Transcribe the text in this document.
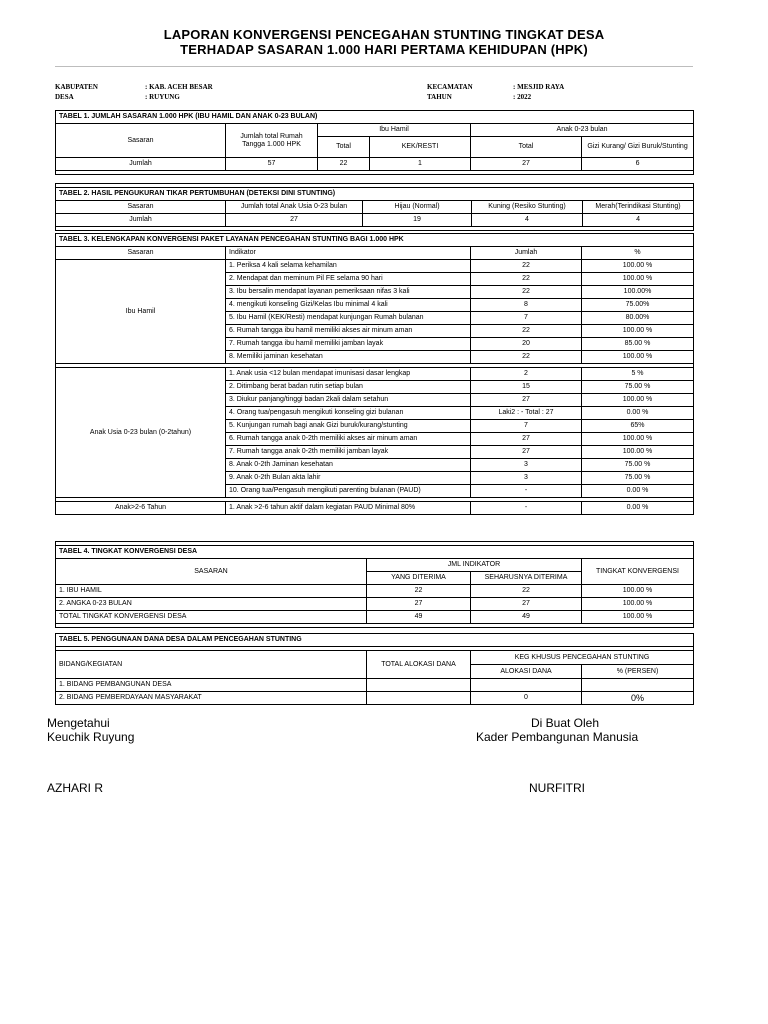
LAPORAN KONVERGENSI PENCEGAHAN STUNTING TINGKAT DESA
TERHADAP SASARAN 1.000 HARI PERTAMA KEHIDUPAN (HPK)
KABUPATEN	: KAB. ACEH BESAR
DESA	: RUYUNG
KECAMATAN	: MESJID RAYA
TAHUN	: 2022
TABEL 1. JUMLAH SASARAN 1.000 HPK (IBU HAMIL DAN ANAK 0-23 BULAN)					
Sasaran	Jumlah total Rumah Tangga 1.000 HPK	Ibu Hamil		Anak 0-23 bulan	
		Total	KEK/RESTI	Total	Gizi Kurang/ Gizi Buruk/Stunting
Jumlah	57	22	1	27	6

TABEL 2. HASIL PENGUKURAN TIKAR PERTUMBUHAN (DETEKSI DINI STUNTING)				
Sasaran	Jumlah total Anak Usia 0-23 bulan	Hijau (Normal)	Kuning (Resiko Stunting)	Merah(Terindikasi Stunting)
Jumlah	27	19	4	4

TABEL 3. KELENGKAPAN KONVERGENSI PAKET LAYANAN PENCEGAHAN STUNTING BAGI 1.000 HPK			
Sasaran	Indikator	Jumlah	%
Ibu Hamil	1. Periksa 4 kali selama kehamilan	22	100.00 %
	2. Mendapat dan meminum Pil FE selama 90 hari	22	100.00 %
	3. Ibu bersalin mendapat layanan pemeriksaan nifas 3 kali	22	100.00%
	4. mengikuti konseling Gizi/Kelas Ibu minimal 4 kali	8	75.00%
	5. Ibu Hamil (KEK/Resti) mendapat kunjungan Rumah bulanan	7	80.00%
	6. Rumah tangga ibu hamil memiliki akses air minum aman	22	100.00 %
	7. Rumah tangga ibu hamil memiliki jamban layak	20	85.00 %
	8. Memiliki jaminan kesehatan	22	100.00 %

Anak Usia 0-23 bulan (0-2tahun)	1. Anak usia <12 bulan mendapat imunisasi dasar lengkap	2	5 %
	2. Ditimbang berat badan rutin setiap bulan	15	75.00 %
	3. Diukur panjang/tinggi badan 2kali dalam setahun	27	100.00 %
	4. Orang tua/pengasuh mengikuti konseling gizi bulanan	Laki2 : - Total : 27	0.00 %
	5. Kunjungan rumah bagi anak Gizi buruk/kurang/stunting	7	65%
	6. Rumah tangga anak 0-2th memiliki akses air minum aman	27	100.00 %
	7. Rumah tangga anak 0-2th memiliki jamban layak	27	100.00 %
	8. Anak 0-2th Jaminan kesehatan	3	75.00 %
	9. Anak 0-2th Bulan akta lahir	3	75.00 %
	10. Orang tua/Pengasuh mengikuti parenting bulanan (PAUD)	-	0.00 %

Anak>2-6 Tahun	1. Anak >2-6 tahun aktif dalam kegiatan PAUD Minimal 80%	-	0.00 %

TABEL 4. TINGKAT KONVERGENSI DESA			
SASARAN	JML INDIKATOR		TINGKAT KONVERGENSI
	YANG DITERIMA	SEHARUSNYA DITERIMA	
1. IBU HAMIL	22	22	100.00 %
2. ANGKA 0-23 BULAN	27	27	100.00 %
TOTAL TINGKAT KONVERGENSI DESA	49	49	100.00 %

TABEL 5. PENGGUNAAN DANA DESA DALAM PENCEGAHAN STUNTING			

BIDANG/KEGIATAN	TOTAL ALOKASI DANA	KEG KHUSUS PENCEGAHAN STUNTING	
		ALOKASI DANA	% (PERSEN)
1. BIDANG PEMBANGUNAN DESA			
2. BIDANG PEMBERDAYAAN MASYARAKAT		0	0%
Mengetahui
Keuchik Ruyung
AZHARI R
Di Buat Oleh
Kader Pembangunan Manusia
NURFITRI
